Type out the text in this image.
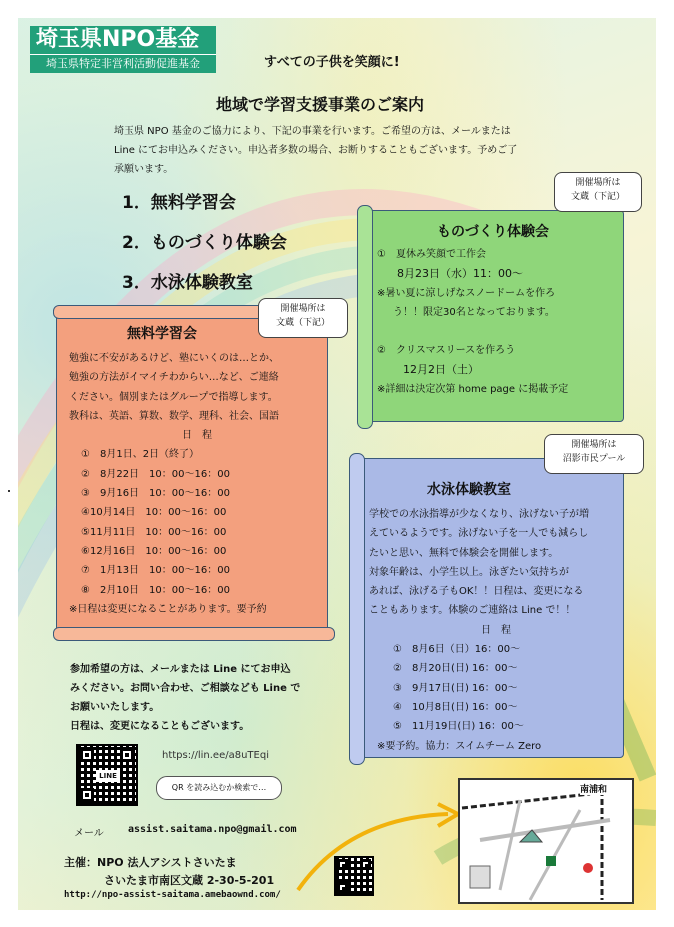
埼玉県NPO基金
埼玉県特定非営利活動促進基金	すべての子供を笑顔に!
地域で学習支援事業のご案内
埼玉県 NPO 基金のご協力により、下記の事業を行います。ご希望の方は、メールまたは
Line にてお申込みください。申込者多数の場合、お断りすることもございます。予めご了
承願います。
1．無料学習会
2．ものづくり体験会
3．水泳体験教室
無料学習会
勉強に不安があるけど、塾にいくのは…とか、
勉強の方法がイマイチわからい…など、ご連絡
ください。個別またはグループで指導します。
教科は、英語、算数、数学、理科、社会、国語
日　程
①　8月1日、2日（終了）
②　8月22日　10：00〜16：00
③　9月16日　10：00〜16：00
④10月14日　10：00〜16：00
⑤11月11日　10：00〜16：00
⑥12月16日　10：00〜16：00
⑦　1月13日　10：00〜16：00
⑧　2月10日　10：00〜16：00
※日程は変更になることがあります。要予約
開催場所は
文蔵（下記）
ものづくり体験会
①　夏休み笑顔で工作会
8月23日（水）11：00〜
※暑い夏に涼しげなスノードームを作ろ
う！！限定30名となっております。
②　クリスマスリースを作ろう
12月2日（土）
※詳細は決定次第 home page に掲載予定
開催場所は
文蔵（下記）
水泳体験教室
学校での水泳指導が少なくなり、泳げない子が増
えているようです。泳げない子を一人でも減らし
たいと思い、無料で体験会を開催します。
対象年齢は、小学生以上。泳ぎたい気持ちが
あれば、泳げる子もOK！！日程は、変更になる
こともあります。体験のご連絡は Line で！！
日　程
①　8月6日（日）16：00〜
②　8月20日(日) 16：00〜
③　9月17日(日) 16：00〜
④　10月8日(日) 16：00〜
⑤　11月19日(日) 16：00〜
※要予約。協力：スイムチーム Zero
開催場所は
沼影市民プール
参加希望の方は、メールまたは Line にてお申込
みください。お問い合わせ、ご相談なども Line で
お願いいたします。
日程は、変更になることもございます。
LINE
https://lin.ee/a8uTEqi
QR を読み込むか検索で…
メール assist.saitama.npo@gmail.com
主催：NPO 法人アシストさいたま
さいたま市南区文蔵 2-30-5-201
http://npo-assist-saitama.amebaownd.com/
南浦和
